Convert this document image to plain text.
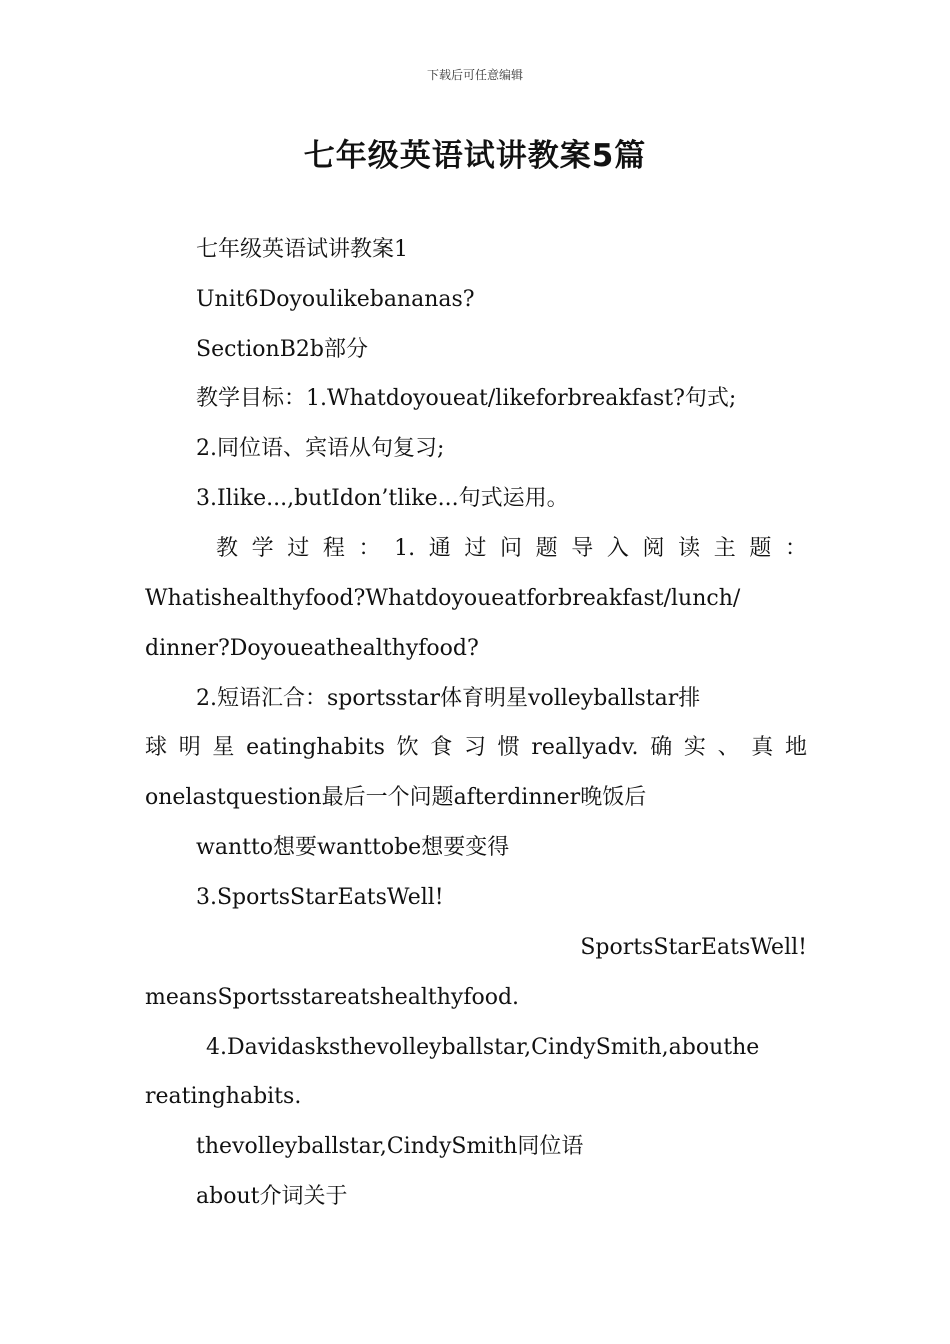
下载后可任意编辑
七年级英语试讲教案5篇
七年级英语试讲教案1
Unit6Doyoulikebananas?
SectionB2b部分
教学目标：1.Whatdoyoueat/likeforbreakfast?句式;
2.同位语、宾语从句复习;
3.Ilike...,butIdon’tlike...句式运用。
教学过程：1.通过问题导入阅读主题：
Whatishealthyfood?Whatdoyoueatforbreakfast/lunch/
dinner?Doyoueathealthyfood?
2.短语汇合：sportsstar体育明星volleyballstar排
球明星eatinghabits饮食习惯reallyadv.确实、真地
onelastquestion最后一个问题afterdinner晚饭后
wantto想要wanttobe想要变得
3.SportsStarEatsWell!
SportsStarEatsWell!
meansSportsstareatshealthyfood.
4.Davidasksthevolleyballstar,CindySmith,abouthe
reatinghabits.
thevolleyballstar,CindySmith同位语
about介词关于
